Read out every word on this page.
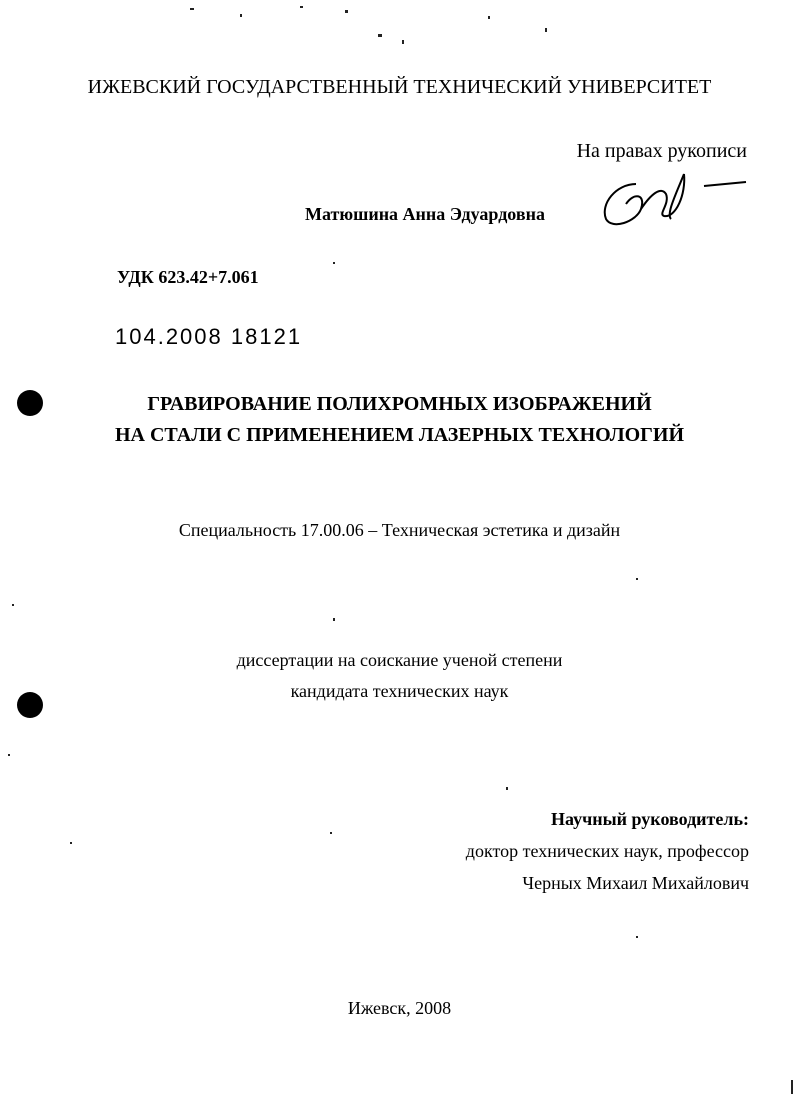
ИЖЕВСКИЙ ГОСУДАРСТВЕННЫЙ ТЕХНИЧЕСКИЙ УНИВЕРСИТЕТ
На правах рукописи
Матюшина Анна Эдуардовна
УДК 623.42+7.061
104.2008 18121
ГРАВИРОВАНИЕ ПОЛИХРОМНЫХ ИЗОБРАЖЕНИЙ
НА СТАЛИ С ПРИМЕНЕНИЕМ ЛАЗЕРНЫХ ТЕХНОЛОГИЙ
Специальность 17.00.06 – Техническая эстетика и дизайн
диссертации на соискание ученой степени
кандидата технических наук
Научный руководитель:
доктор технических наук, профессор
Черных Михаил Михайлович
Ижевск, 2008
